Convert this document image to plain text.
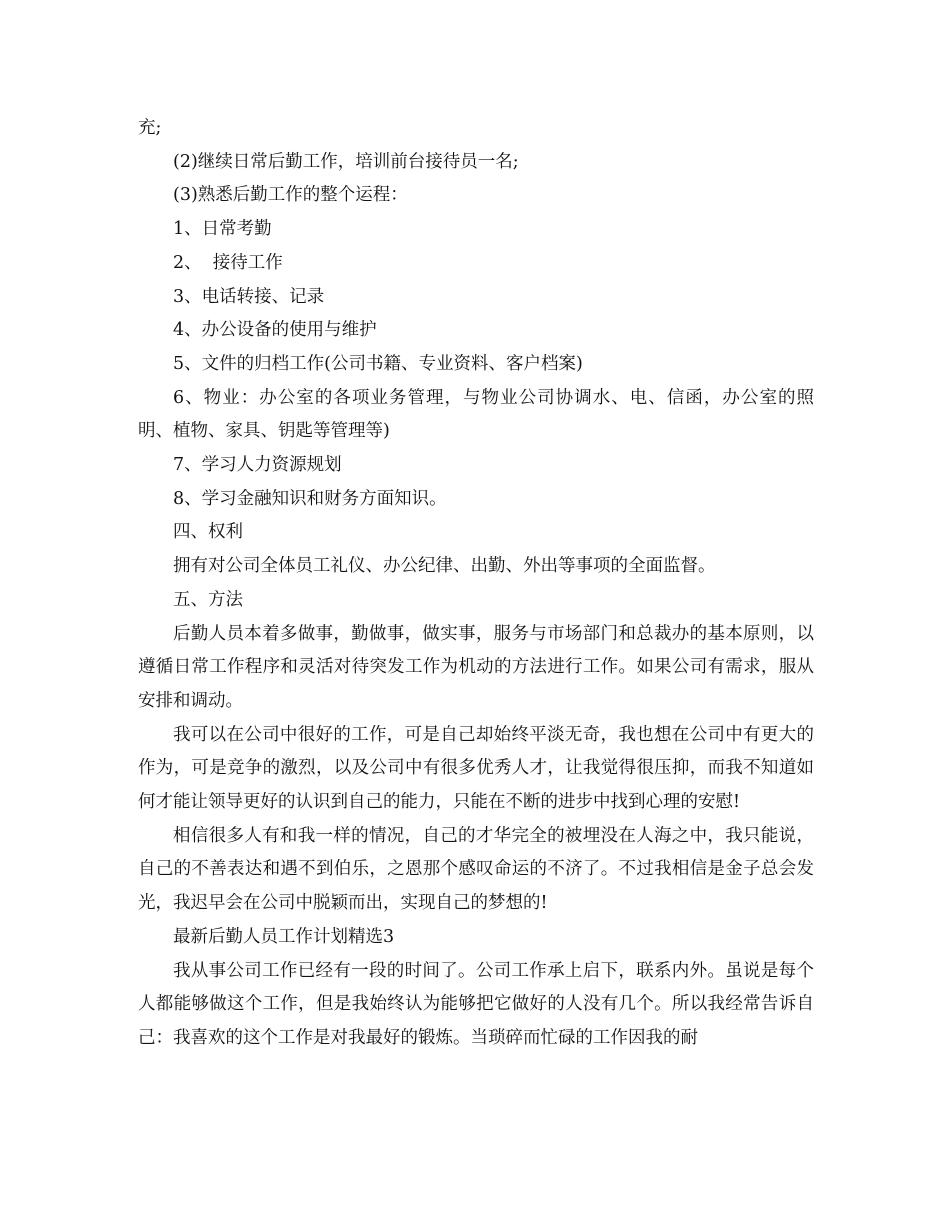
充;

(2)继续日常后勤工作，培训前台接待员一名;

(3)熟悉后勤工作的整个运程：

1、日常考勤

2、  接待工作

3、电话转接、记录

4、办公设备的使用与维护

5、文件的归档工作(公司书籍、专业资料、客户档案)

6、物业：办公室的各项业务管理，与物业公司协调水、电、信函，办公室的照明、植物、家具、钥匙等管理等)

7、学习人力资源规划

8、学习金融知识和财务方面知识。

四、权利

拥有对公司全体员工礼仪、办公纪律、出勤、外出等事项的全面监督。

五、方法

后勤人员本着多做事，勤做事，做实事，服务与市场部门和总裁办的基本原则，以遵循日常工作程序和灵活对待突发工作为机动的方法进行工作。如果公司有需求，服从安排和调动。

我可以在公司中很好的工作，可是自己却始终平淡无奇，我也想在公司中有更大的作为，可是竞争的激烈，以及公司中有很多优秀人才，让我觉得很压抑，而我不知道如何才能让领导更好的认识到自己的能力，只能在不断的进步中找到心理的安慰!

相信很多人有和我一样的情况，自己的才华完全的被埋没在人海之中，我只能说，自己的不善表达和遇不到伯乐，之恩那个感叹命运的不济了。不过我相信是金子总会发光，我迟早会在公司中脱颖而出，实现自己的梦想的!

最新后勤人员工作计划精选3

我从事公司工作已经有一段的时间了。公司工作承上启下，联系内外。虽说是每个人都能够做这个工作，但是我始终认为能够把它做好的人没有几个。所以我经常告诉自己：我喜欢的这个工作是对我最好的锻炼。当琐碎而忙碌的工作因我的耐
